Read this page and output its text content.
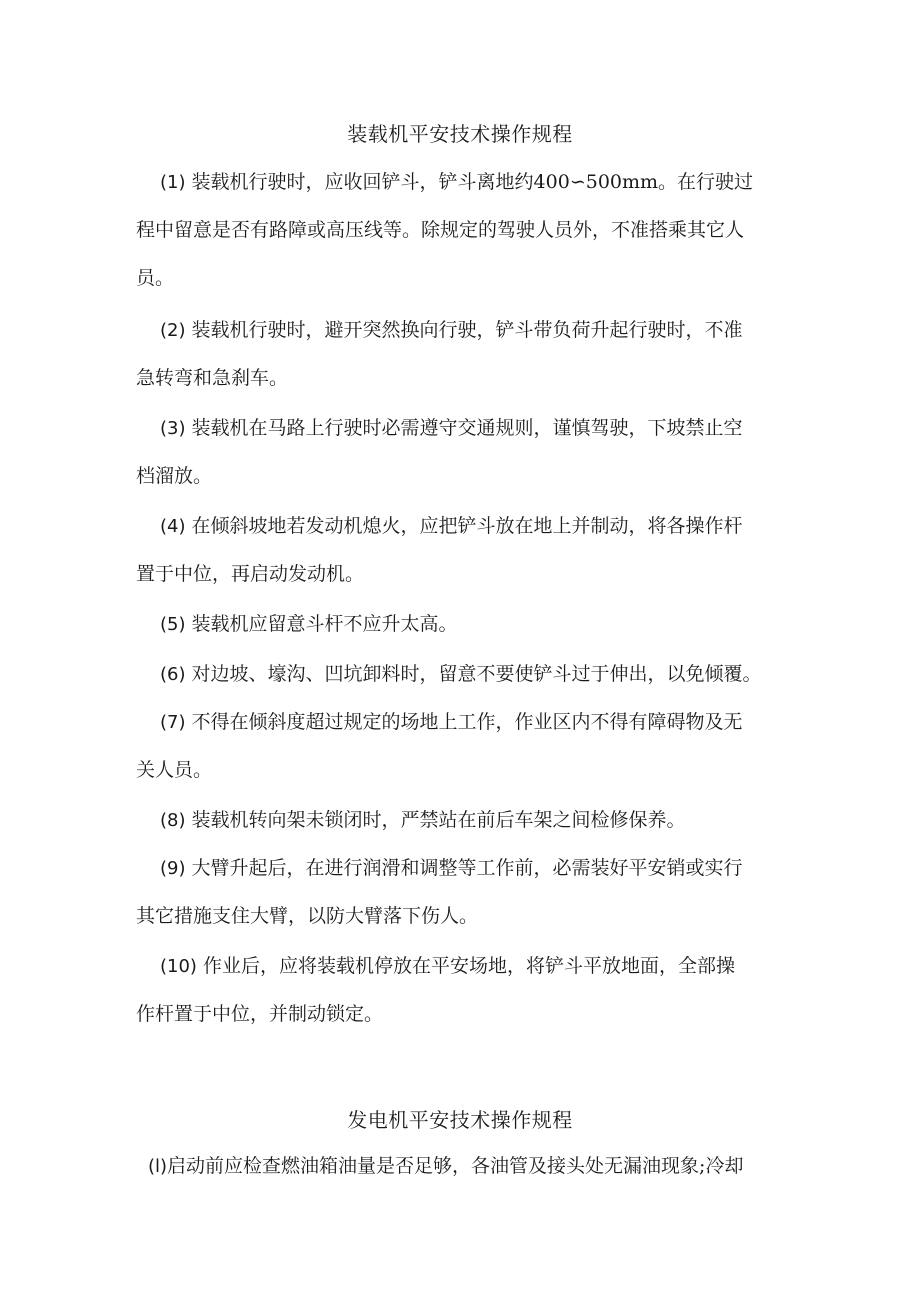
装载机平安技术操作规程
(1) 装载机行驶时，应收回铲斗，铲斗离地约400∽500mm。在行驶过
程中留意是否有路障或高压线等。除规定的驾驶人员外，不准搭乘其它人
员。
(2) 装载机行驶时，避开突然换向行驶，铲斗带负荷升起行驶时，不准
急转弯和急刹车。
(3) 装载机在马路上行驶时必需遵守交通规则，谨慎驾驶，下坡禁止空
档溜放。
(4) 在倾斜坡地若发动机熄火，应把铲斗放在地上并制动，将各操作杆
置于中位，再启动发动机。
(5) 装载机应留意斗杆不应升太高。
(6) 对边坡、壕沟、凹坑卸料时，留意不要使铲斗过于伸出，以免倾覆。
(7) 不得在倾斜度超过规定的场地上工作，作业区内不得有障碍物及无
关人员。
(8) 装载机转向架未锁闭时，严禁站在前后车架之间检修保养。
(9) 大臂升起后，在进行润滑和调整等工作前，必需装好平安销或实行
其它措施支住大臂，以防大臂落下伤人。
(10) 作业后，应将装载机停放在平安场地，将铲斗平放地面，全部操
作杆置于中位，并制动锁定。
发电机平安技术操作规程
(l)启动前应检查燃油箱油量是否足够，各油管及接头处无漏油现象;冷却
